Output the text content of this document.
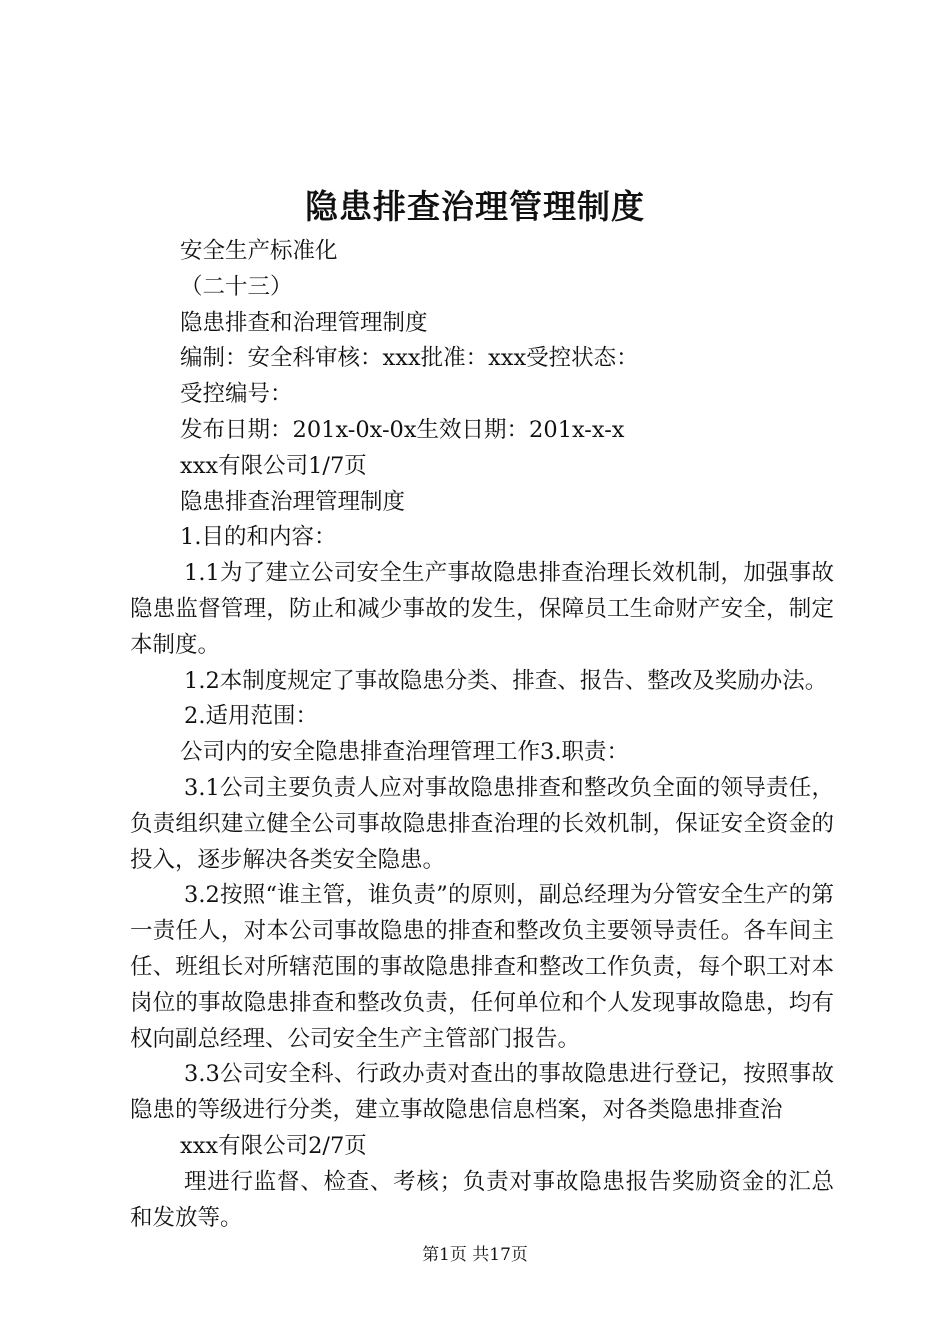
隐患排查治理管理制度
安全生产标准化
（二十三）
隐患排查和治理管理制度
编制：安全科审核：xxx批准：xxx受控状态：
受控编号：
发布日期：201x-0x-0x生效日期：201x-x-x
xxx有限公司1/7页
隐患排查治理管理制度
1.目的和内容：
1.1为了建立公司安全生产事故隐患排查治理长效机制，加强事故隐患监督管理，防止和减少事故的发生，保障员工生命财产安全，制定本制度。
1.2本制度规定了事故隐患分类、排查、报告、整改及奖励办法。
2.适用范围：
公司内的安全隐患排查治理管理工作3.职责：
3.1公司主要负责人应对事故隐患排查和整改负全面的领导责任，负责组织建立健全公司事故隐患排查治理的长效机制，保证安全资金的投入，逐步解决各类安全隐患。
3.2按照“谁主管，谁负责”的原则，副总经理为分管安全生产的第一责任人，对本公司事故隐患的排查和整改负主要领导责任。各车间主任、班组长对所辖范围的事故隐患排查和整改工作负责，每个职工对本岗位的事故隐患排查和整改负责，任何单位和个人发现事故隐患，均有权向副总经理、公司安全生产主管部门报告。
3.3公司安全科、行政办责对查出的事故隐患进行登记，按照事故隐患的等级进行分类，建立事故隐患信息档案，对各类隐患排查治
xxx有限公司2/7页
理进行监督、检查、考核；负责对事故隐患报告奖励资金的汇总和发放等。
第1页 共17页
